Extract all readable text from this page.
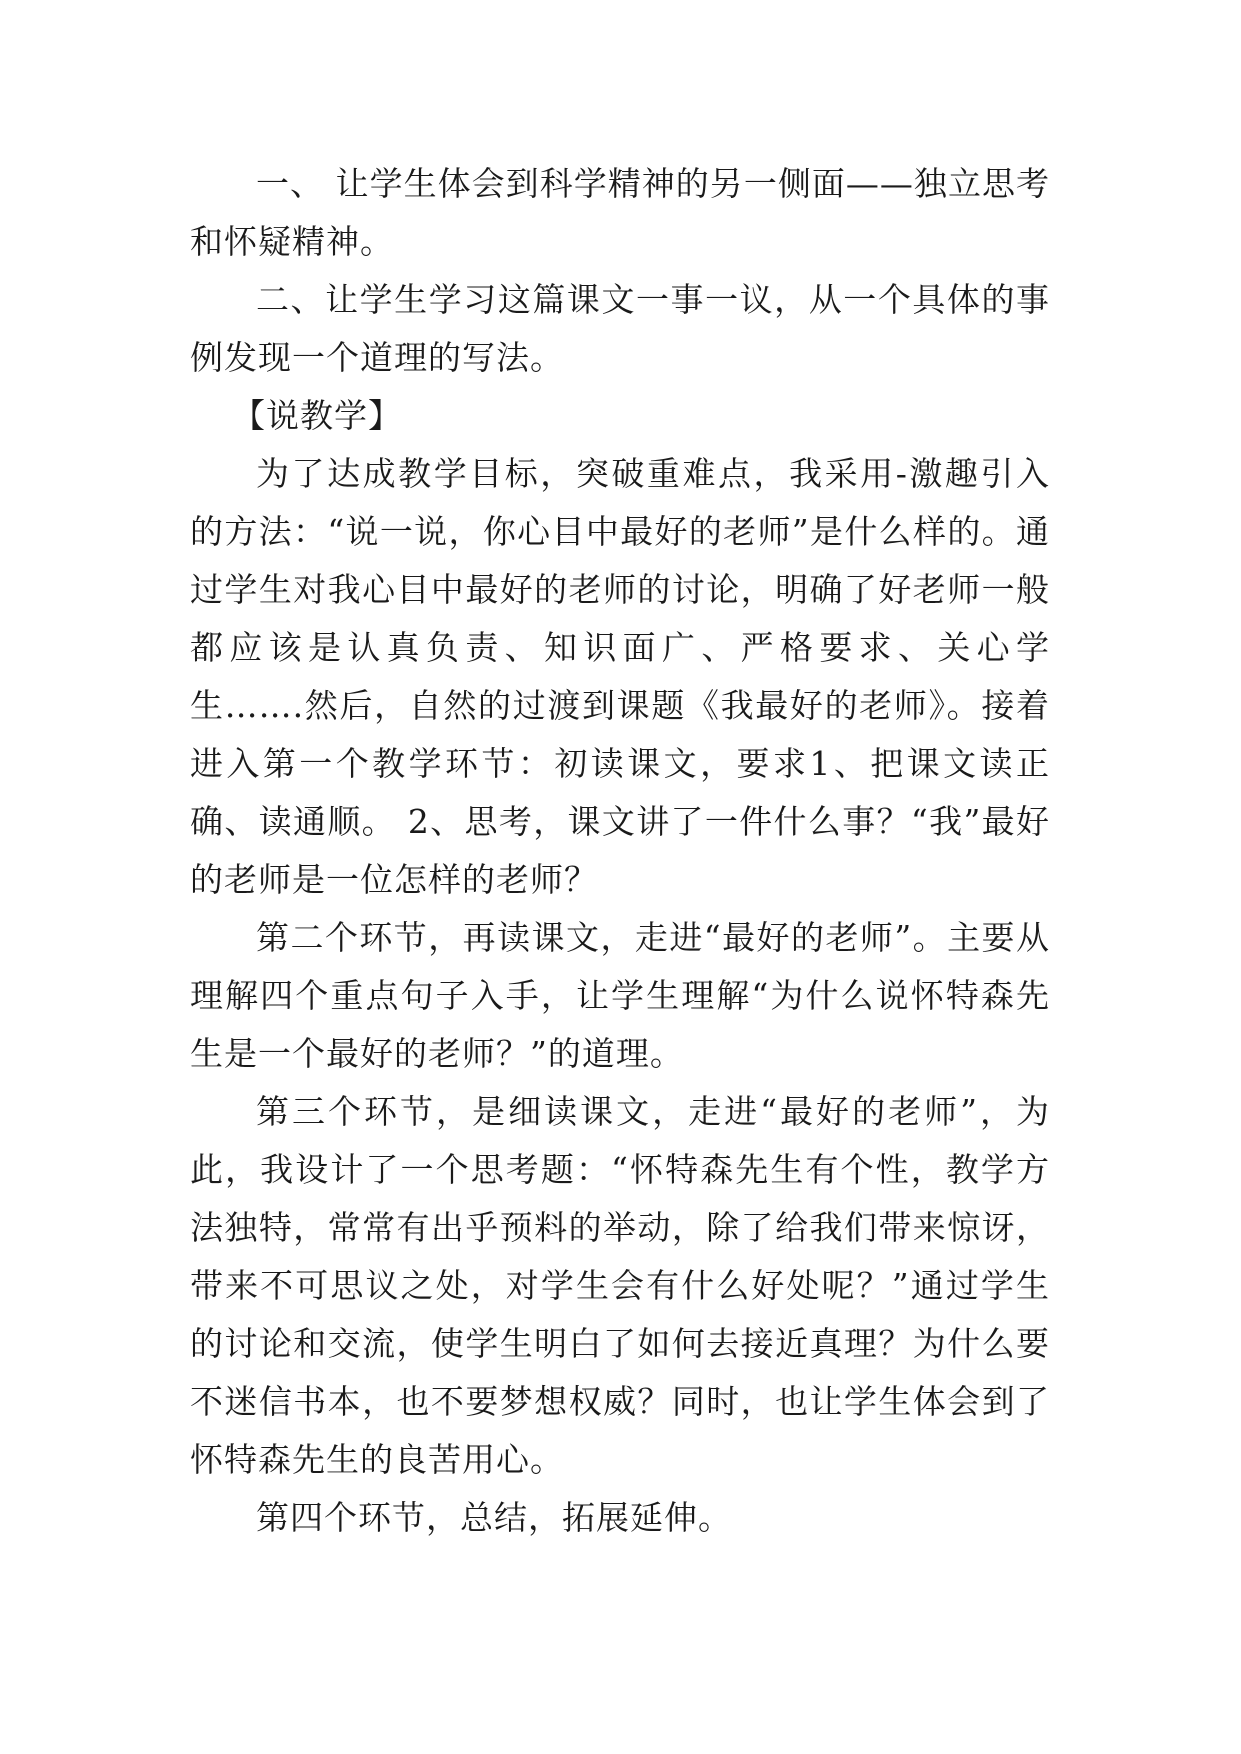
一、 让学生体会到科学精神的另一侧面——独立思考和怀疑精神。

二、让学生学习这篇课文一事一议，从一个具体的事例发现一个道理的写法。

【说教学】

为了达成教学目标，突破重难点，我采用-激趣引入的方法：“说一说，你心目中最好的老师”是什么样的。通过学生对我心目中最好的老师的讨论，明确了好老师一般都应该是认真负责、知识面广、严格要求、关心学生…….然后，自然的过渡到课题《我最好的老师》。接着进入第一个教学环节：初读课文，要求1、把课文读正确、读通顺。 2、思考，课文讲了一件什么事？“我”最好的老师是一位怎样的老师？

第二个环节，再读课文，走进“最好的老师”。主要从理解四个重点句子入手，让学生理解“为什么说怀特森先生是一个最好的老师？”的道理。

第三个环节，是细读课文，走进“最好的老师”，为此，我设计了一个思考题：“怀特森先生有个性，教学方法独特，常常有出乎预料的举动，除了给我们带来惊讶，带来不可思议之处，对学生会有什么好处呢？”通过学生的讨论和交流，使学生明白了如何去接近真理？为什么要不迷信书本，也不要梦想权威？同时，也让学生体会到了怀特森先生的良苦用心。

第四个环节，总结，拓展延伸。
